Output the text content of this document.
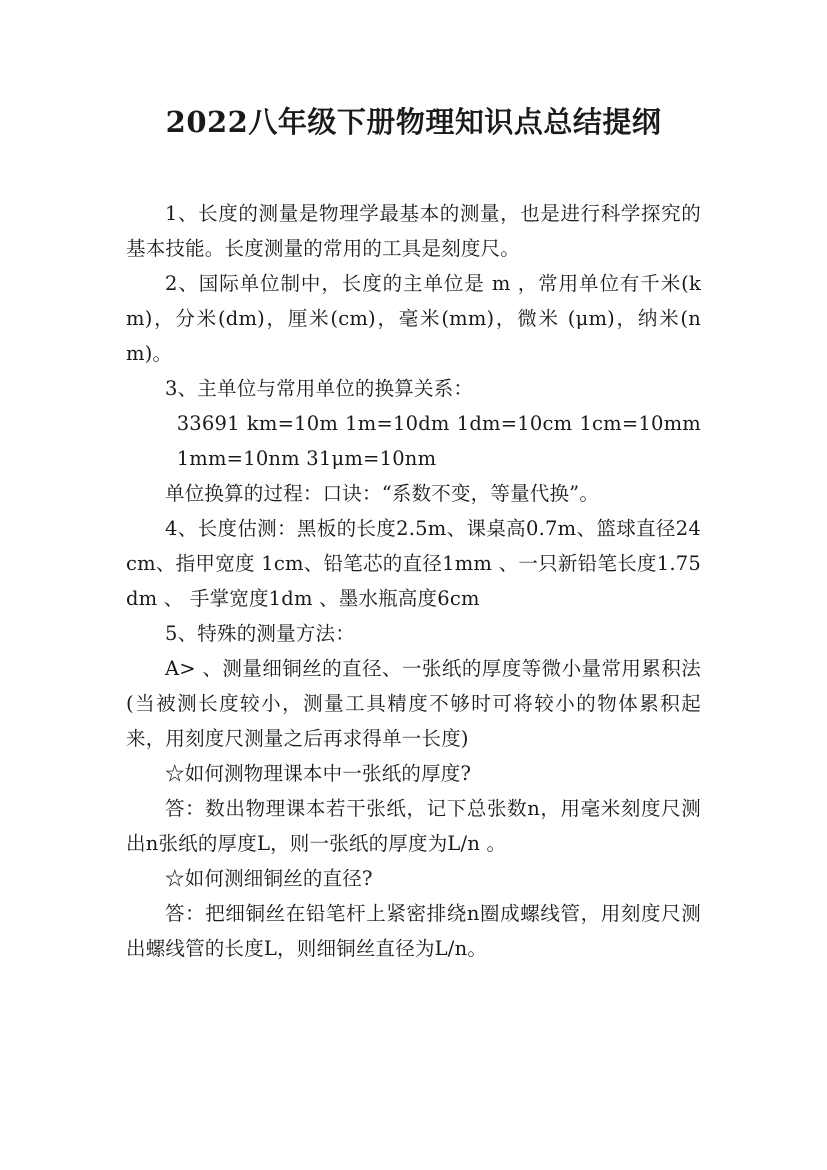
2022八年级下册物理知识点总结提纲

1、长度的测量是物理学最基本的测量，也是进行科学探究的基本技能。长度测量的常用的工具是刻度尺。

2、国际单位制中，长度的主单位是 m ，常用单位有千米(km)，分米(dm)，厘米(cm)，毫米(mm)，微米 (μm)，纳米(nm)。

3、主单位与常用单位的换算关系：

33691 km=10m 1m=10dm 1dm=10cm 1cm=10mm 1mm=10nm 31μm=10nm

单位换算的过程：口诀：“系数不变，等量代换”。

4、长度估测：黑板的长度2.5m、课桌高0.7m、篮球直径24cm、指甲宽度 1cm、铅笔芯的直径1mm 、一只新铅笔长度1.75dm 、 手掌宽度1dm 、墨水瓶高度6cm

5、特殊的测量方法：

A> 、测量细铜丝的直径、一张纸的厚度等微小量常用累积法(当被测长度较小，测量工具精度不够时可将较小的物体累积起来，用刻度尺测量之后再求得单一长度)

☆如何测物理课本中一张纸的厚度?

答：数出物理课本若干张纸，记下总张数n，用毫米刻度尺测出n张纸的厚度L，则一张纸的厚度为L/n 。

☆如何测细铜丝的直径?

答：把细铜丝在铅笔杆上紧密排绕n圈成螺线管，用刻度尺测出螺线管的长度L，则细铜丝直径为L/n。
